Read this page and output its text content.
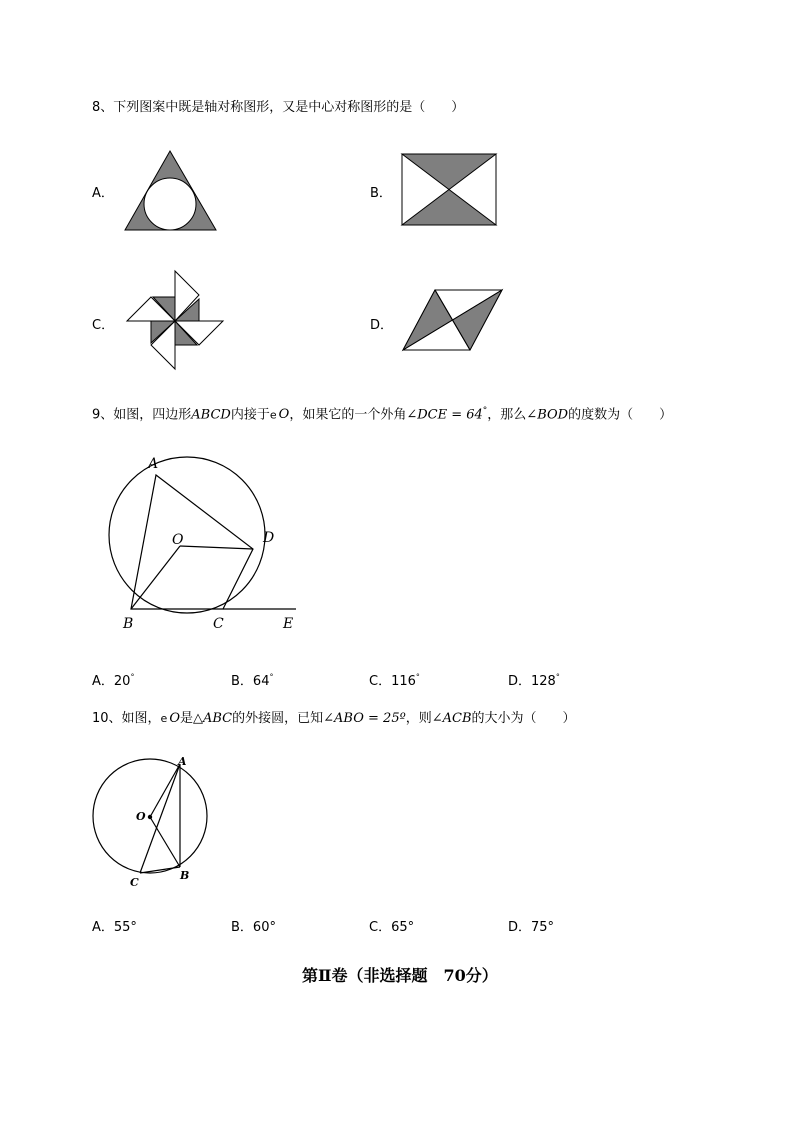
8、下列图案中既是轴对称图形，又是中心对称图形的是（　　）
A．	B．
C．	D．
9、如图，四边形ABCD内接于e O，如果它的一个外角∠DCE = 64°，那么∠BOD的度数为（　　）
A
O	D
B	C	E
A．20°	B．64°	C．116°	D．128°
10、如图，e O是△ABC的外接圆，已知∠ABO = 25º，则∠ACB的大小为（　　）
A
O
B
C
A．55°	B．60°	C．65°	D．75°
第Ⅱ卷（非选择题　70分）
